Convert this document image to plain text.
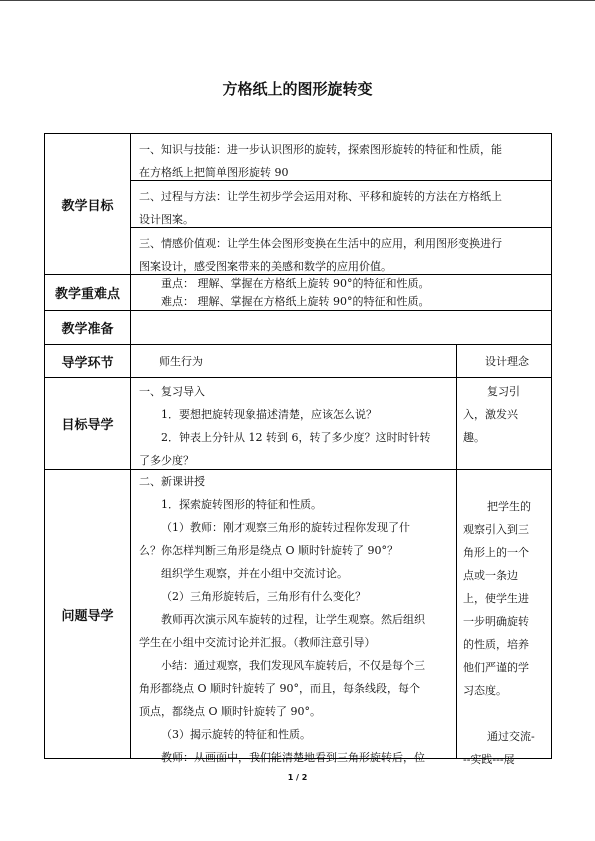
方格纸上的图形旋转变
教学目标

一、知识与技能：进一步认识图形的旋转，探索图形旋转的特征和性质，能

在方格纸上把简单图形旋转 90

二、过程与方法：让学生初步学会运用对称、平移和旋转的方法在方格纸上

设计图案。

三、情感价值观：让学生体会图形变换在生活中的应用，利用图形变换进行

图案设计，感受图案带来的美感和数学的应用价值。

教学重难点

重点： 理解、掌握在方格纸上旋转 90°的特征和性质。

难点： 理解、掌握在方格纸上旋转 90°的特征和性质。

教学准备
导学环节	师生行为	设计理念
目标导学

一、复习导入

1．要想把旋转现象描述清楚，应该怎么说？

2．钟表上分针从 12 转到 6，转了多少度？这时时针转

了多少度？

复习引

入，激发兴

趣。

问题导学

二、新课讲授

1．探索旋转图形的特征和性质。

（1）教师：刚才观察三角形的旋转过程你发现了什

么？你怎样判断三角形是绕点 O 顺时针旋转了 90°？

组织学生观察，并在小组中交流讨论。

（2）三角形旋转后，三角形有什么变化？

教师再次演示风车旋转的过程，让学生观察。然后组织

学生在小组中交流讨论并汇报。（教师注意引导）

小结：通过观察，我们发现风车旋转后，不仅是每个三

角形都绕点 O 顺时针旋转了 90°，而且，每条线段，每个

顶点，都绕点 O 顺时针旋转了 90°。

（3）揭示旋转的特征和性质。

教师：从画面中，我们能清楚地看到三角形旋转后，位

把学生的

观察引入到三

角形上的一个

点或一条边

上，使学生进

一步明确旋转

的性质，培养

他们严谨的学

习态度。

通过交流-

--实践---展

1 / 2
